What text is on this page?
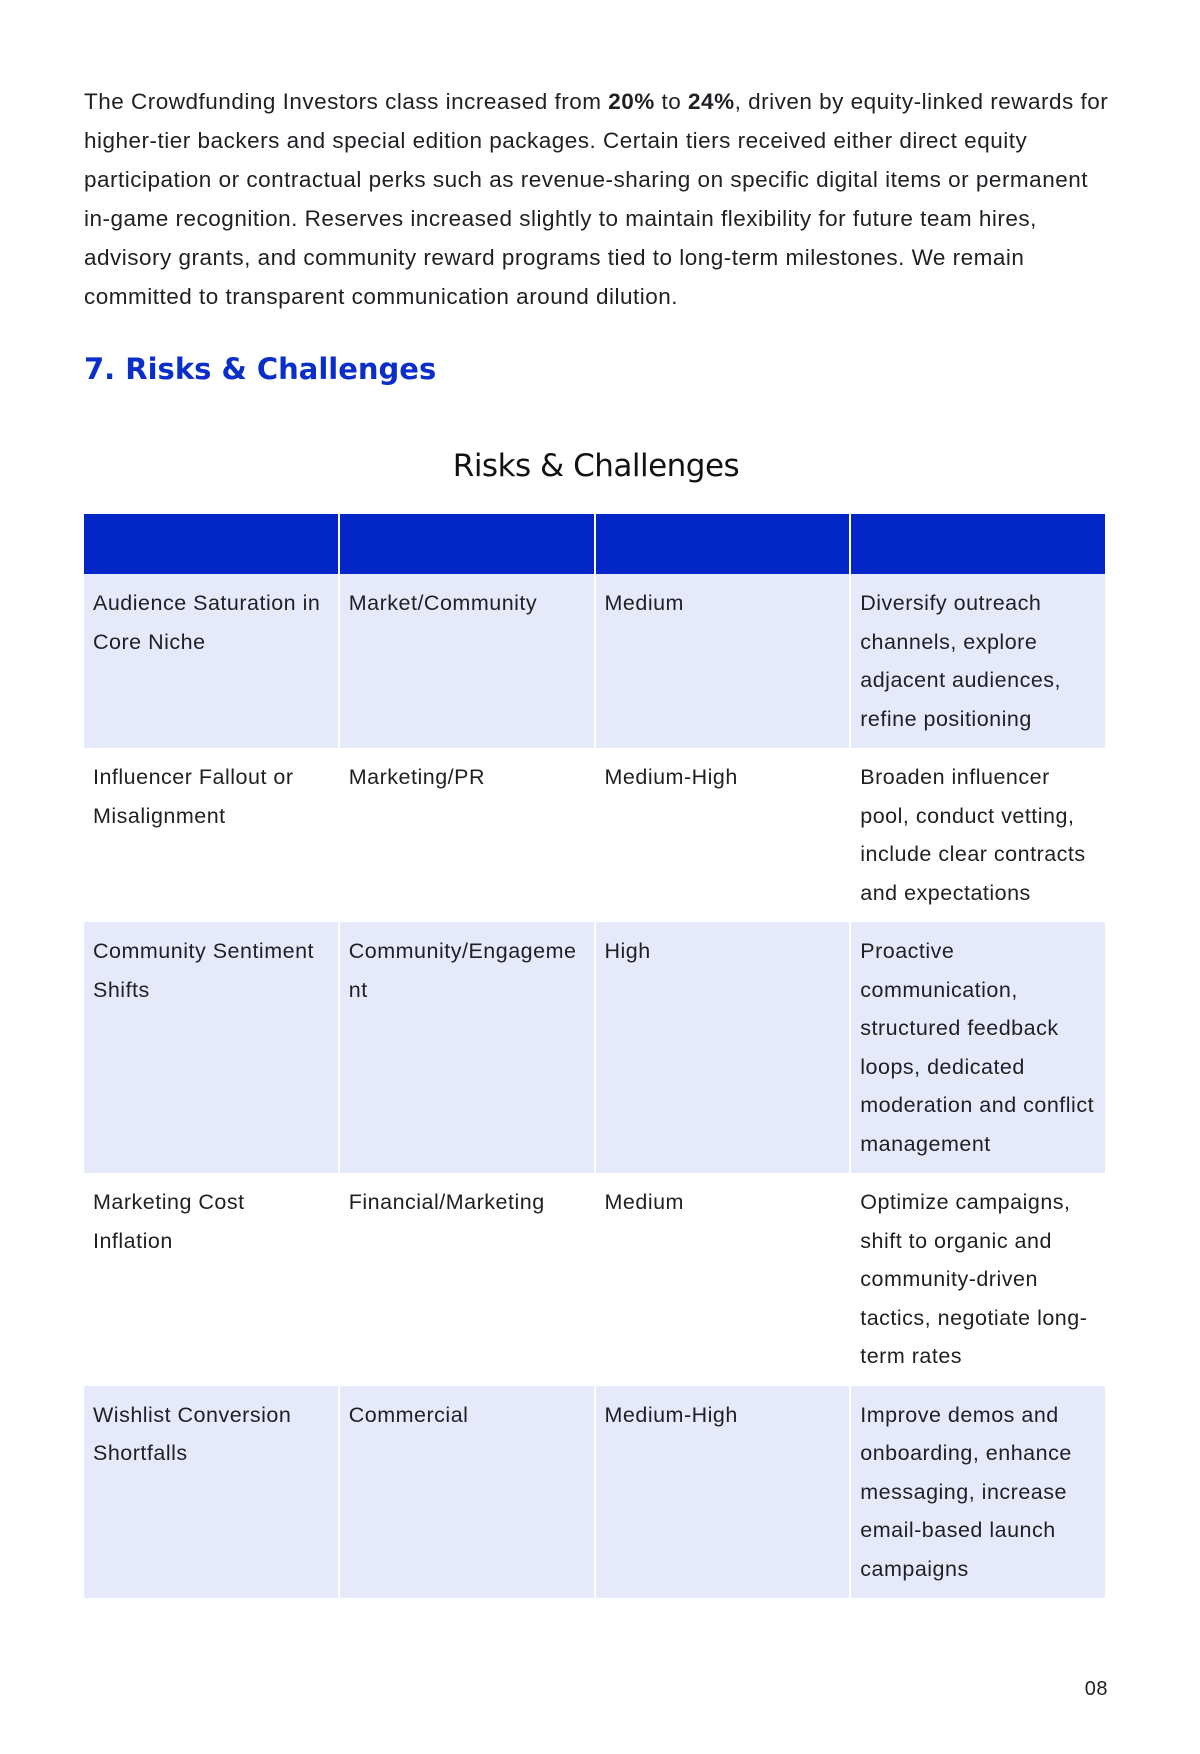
The Crowdfunding Investors class increased from 20% to 24%, driven by equity-linked rewards for higher-tier backers and special edition packages. Certain tiers received either direct equity participation or contractual perks such as revenue-sharing on specific digital items or permanent in-game recognition. Reserves increased slightly to maintain flexibility for future team hires, advisory grants, and community reward programs tied to long-term milestones. We remain committed to transparent communication around dilution.

7. Risks & Challenges
Risks & Challenges

Audience Saturation in Core Niche	Market/Community	Medium	Diversify outreach channels, explore adjacent audiences, refine positioning
Influencer Fallout or Misalignment	Marketing/PR	Medium-High	Broaden influencer pool, conduct vetting, include clear contracts and expectations
Community Sentiment Shifts	Community/Engagement	High	Proactive communication, structured feedback loops, dedicated moderation and conflict management
Marketing Cost Inflation	Financial/Marketing	Medium	Optimize campaigns, shift to organic and community-driven tactics, negotiate long-term rates
Wishlist Conversion Shortfalls	Commercial	Medium-High	Improve demos and onboarding, enhance messaging, increase email-based launch campaigns
08
